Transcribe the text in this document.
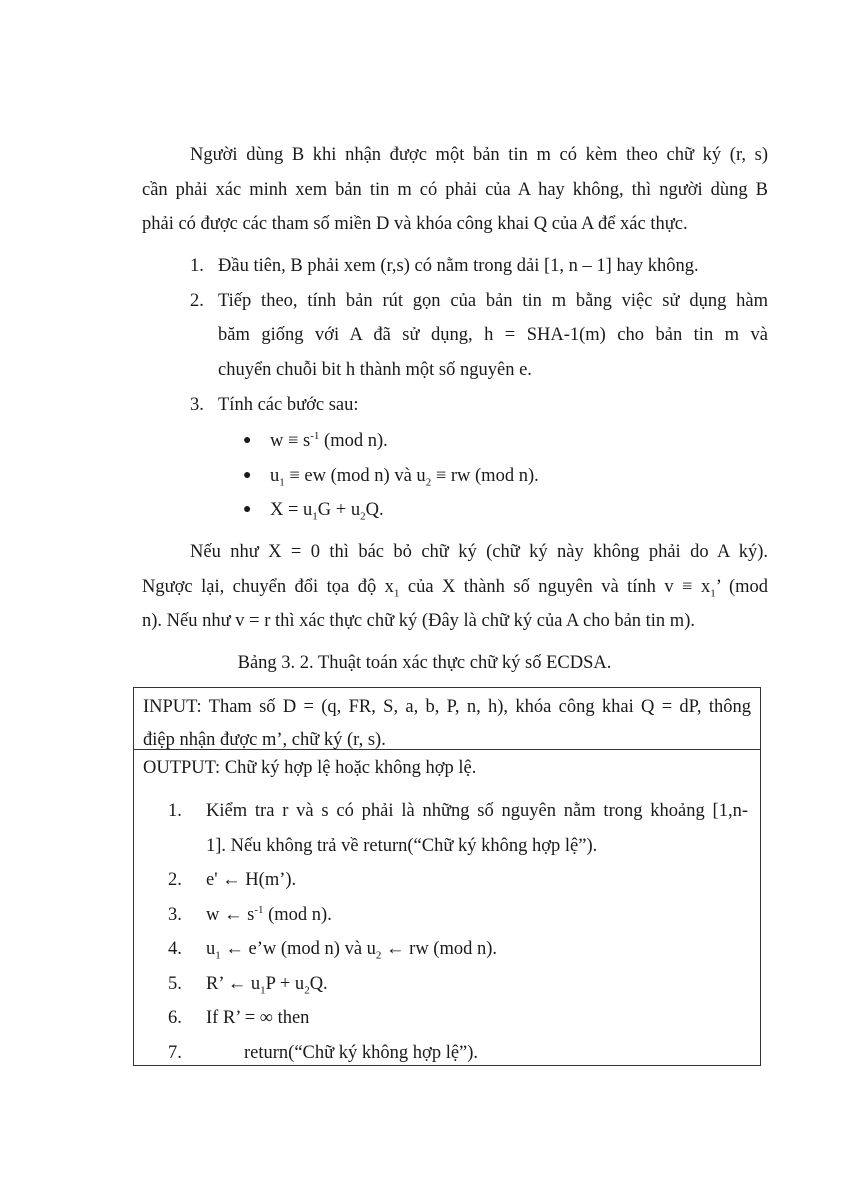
Người dùng B khi nhận được một bản tin m có kèm theo chữ ký (r, s)
cần phải xác minh xem bản tin m có phải của A hay không, thì người dùng B
phải có được các tham số miền D và khóa công khai Q của A để xác thực.

1. Đầu tiên, B phải xem (r,s) có nằm trong dải [1, n – 1] hay không.
2. Tiếp theo, tính bản rút gọn của bản tin m bằng việc sử dụng hàm
băm giống với A đã sử dụng, h = SHA-1(m) cho bản tin m và
chuyển chuỗi bit h thành một số nguyên e.
3. Tính các bước sau:
● $w \equiv s^{-1}$ (mod n).
● $u_1$ ≡ ew (mod n) và $u_2$ ≡ rw (mod n).
● $X = u_1G + u_2Q$.

Nếu như X = 0 thì bác bỏ chữ ký (chữ ký này không phải do A ký).
Ngược lại, chuyển đổi tọa độ $x_1$ của X thành số nguyên và tính $v \equiv x_1$’ (mod
n). Nếu như v = r thì xác thực chữ ký (Đây là chữ ký của A cho bản tin m).

Bảng 3. 2. Thuật toán xác thực chữ ký số ECDSA.
INPUT: Tham số D = (q, FR, S, a, b, P, n, h), khóa công khai Q = dP, thông
điệp nhận được m’, chữ ký (r, s).
OUTPUT: Chữ ký hợp lệ hoặc không hợp lệ.
1. Kiểm tra r và s có phải là những số nguyên nằm trong khoảng [1,n-
1]. Nếu không trả về return(“Chữ ký không hợp lệ”).
2. e' ← H(m’).
3. w ← $s^{-1}$ (mod n).
4. $u_1$ ← e’w (mod n) và $u_2$ ← rw (mod n).
5. R’ ← $u_1P + u_2Q$.
6. If R’ = ∞ then
7.	return(“Chữ ký không hợp lệ”).
